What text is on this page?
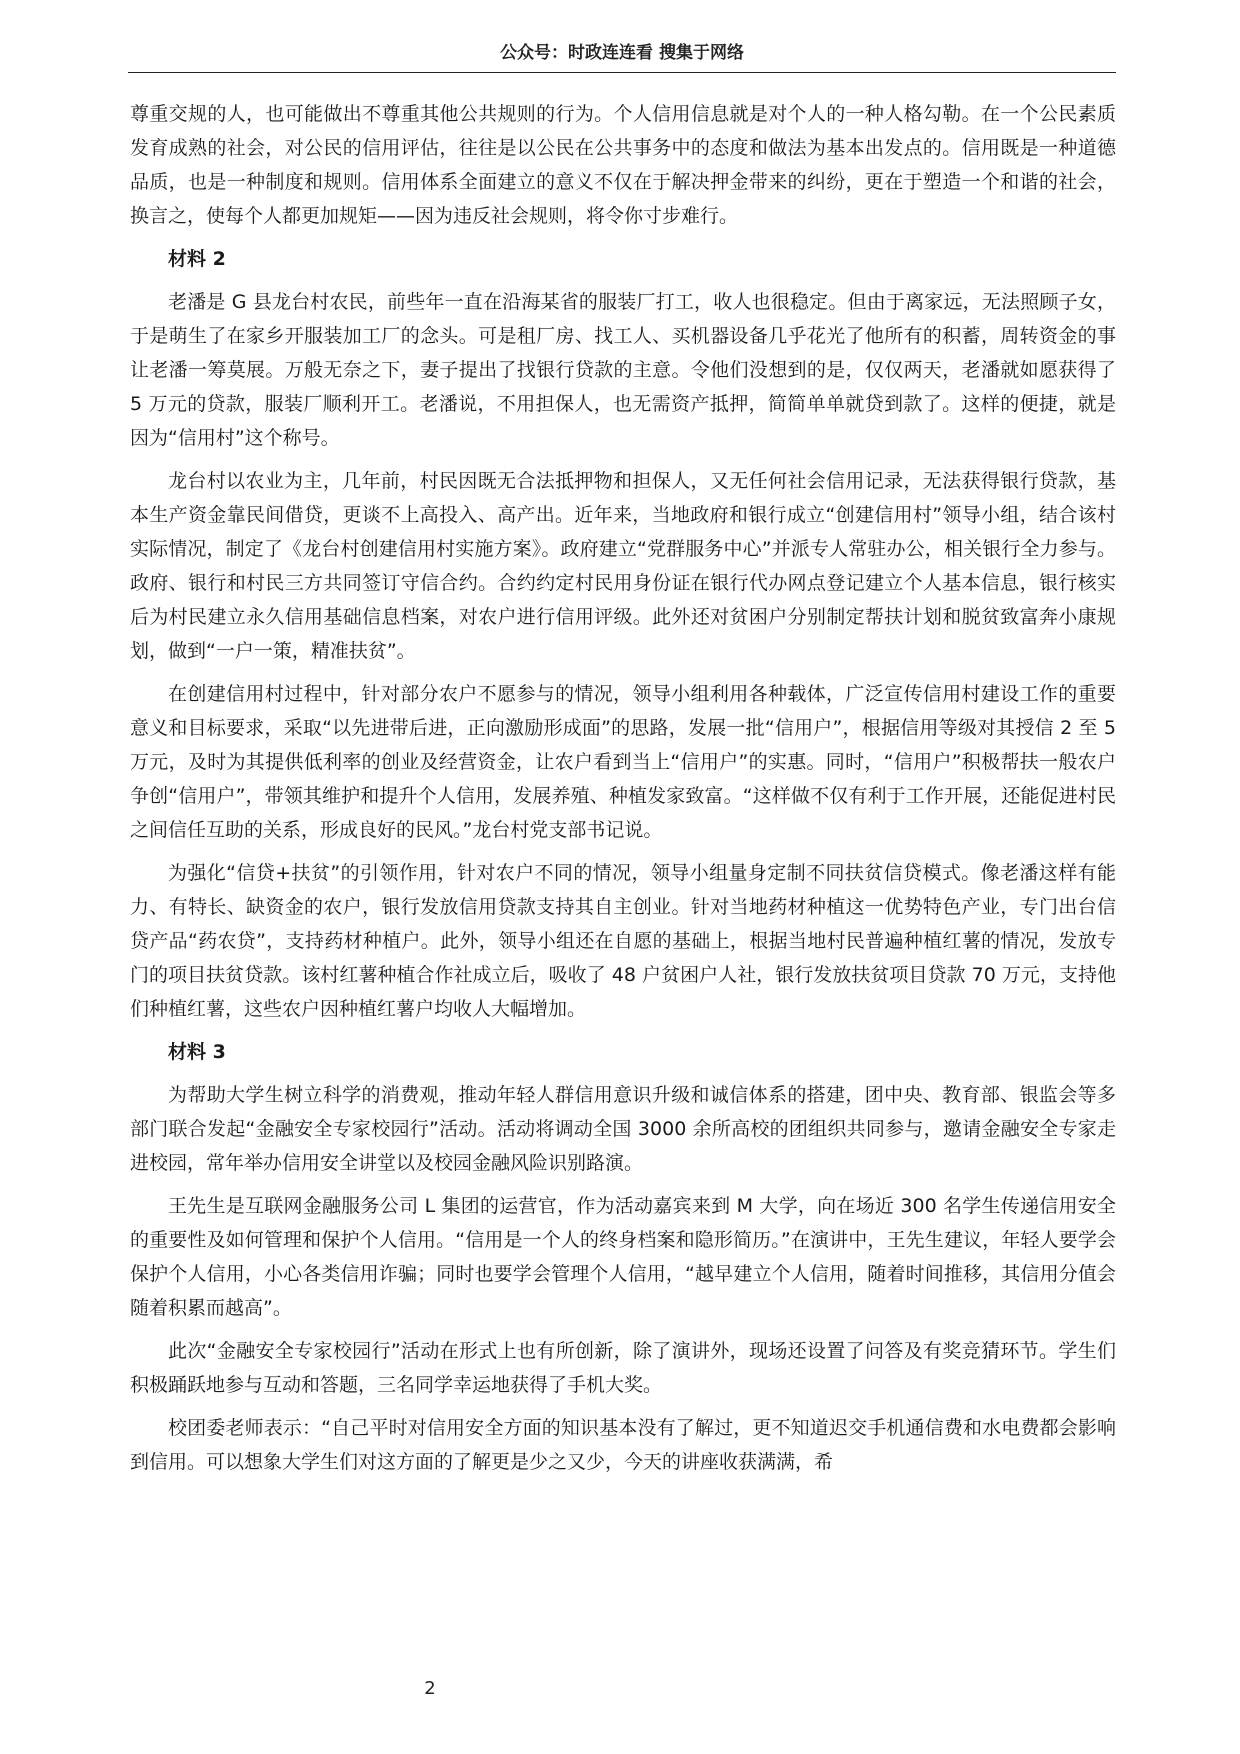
公众号：时政连连看 搜集于网络

尊重交规的人，也可能做出不尊重其他公共规则的行为。个人信用信息就是对个人的一种人格勾勒。在一个公民素质发育成熟的社会，对公民的信用评估，往往是以公民在公共事务中的态度和做法为基本出发点的。信用既是一种道德品质，也是一种制度和规则。信用体系全面建立的意义不仅在于解决押金带来的纠纷，更在于塑造一个和谐的社会，换言之，使每个人都更加规矩——因为违反社会规则，将令你寸步难行。

材料 2

老潘是 G 县龙台村农民，前些年一直在沿海某省的服装厂打工，收人也很稳定。但由于离家远，无法照顾子女，于是萌生了在家乡开服装加工厂的念头。可是租厂房、找工人、买机器设备几乎花光了他所有的积蓄，周转资金的事让老潘一筹莫展。万般无奈之下，妻子提出了找银行贷款的主意。令他们没想到的是，仅仅两天，老潘就如愿获得了 5 万元的贷款，服装厂顺利开工。老潘说，不用担保人，也无需资产抵押，简简单单就贷到款了。这样的便捷，就是因为“信用村”这个称号。

龙台村以农业为主，几年前，村民因既无合法抵押物和担保人，又无任何社会信用记录，无法获得银行贷款，基本生产资金靠民间借贷，更谈不上高投入、高产出。近年来，当地政府和银行成立“创建信用村”领导小组，结合该村实际情况，制定了《龙台村创建信用村实施方案》。政府建立“党群服务中心”并派专人常驻办公，相关银行全力参与。政府、银行和村民三方共同签订守信合约。合约约定村民用身份证在银行代办网点登记建立个人基本信息，银行核实后为村民建立永久信用基础信息档案，对农户进行信用评级。此外还对贫困户分别制定帮扶计划和脱贫致富奔小康规划，做到“一户一策，精准扶贫”。

在创建信用村过程中，针对部分农户不愿参与的情况，领导小组利用各种载体，广泛宣传信用村建设工作的重要意义和目标要求，采取“以先进带后进，正向激励形成面”的思路，发展一批“信用户”，根据信用等级对其授信 2 至 5 万元，及时为其提供低利率的创业及经营资金，让农户看到当上“信用户”的实惠。同时，“信用户”积极帮扶一般农户争创“信用户”，带领其维护和提升个人信用，发展养殖、种植发家致富。“这样做不仅有利于工作开展，还能促进村民之间信任互助的关系，形成良好的民风。”龙台村党支部书记说。

为强化“信贷+扶贫”的引领作用，针对农户不同的情况，领导小组量身定制不同扶贫信贷模式。像老潘这样有能力、有特长、缺资金的农户，银行发放信用贷款支持其自主创业。针对当地药材种植这一优势特色产业，专门出台信贷产品“药农贷”，支持药材种植户。此外，领导小组还在自愿的基础上，根据当地村民普遍种植红薯的情况，发放专门的项目扶贫贷款。该村红薯种植合作社成立后，吸收了 48 户贫困户人社，银行发放扶贫项目贷款 70 万元，支持他们种植红薯，这些农户因种植红薯户均收人大幅增加。

材料 3

为帮助大学生树立科学的消费观，推动年轻人群信用意识升级和诚信体系的搭建，团中央、教育部、银监会等多部门联合发起“金融安全专家校园行”活动。活动将调动全国 3000 余所高校的团组织共同参与，邀请金融安全专家走进校园，常年举办信用安全讲堂以及校园金融风险识别路演。

王先生是互联网金融服务公司 L 集团的运营官，作为活动嘉宾来到 M 大学，向在场近 300 名学生传递信用安全的重要性及如何管理和保护个人信用。“信用是一个人的终身档案和隐形简历。”在演讲中，王先生建议，年轻人要学会保护个人信用，小心各类信用诈骗；同时也要学会管理个人信用，“越早建立个人信用，随着时间推移，其信用分值会随着积累而越高”。

此次“金融安全专家校园行”活动在形式上也有所创新，除了演讲外，现场还设置了问答及有奖竞猜环节。学生们积极踊跃地参与互动和答题，三名同学幸运地获得了手机大奖。

校团委老师表示：“自己平时对信用安全方面的知识基本没有了解过，更不知道迟交手机通信费和水电费都会影响到信用。可以想象大学生们对这方面的了解更是少之又少，今天的讲座收获满满，希

2
